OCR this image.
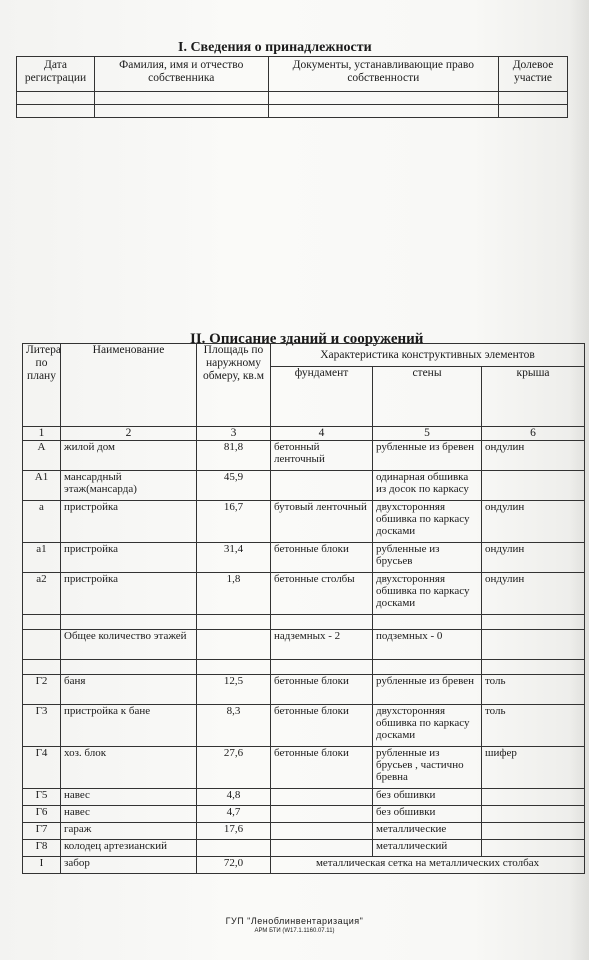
I. Сведения о принадлежности
Дата регистрации	Фамилия, имя и отчество собственника	Документы, устанавливающие право собственности	Долевое участие

II. Описание зданий и сооружений
Литера по плану	Наименование	Площадь по наружному обмеру, кв.м	Характеристика конструктивных элементов		
			фундамент	стены	крыша
1	2	3	4	5	6
А	жилой дом	81,8	бетонный ленточный	рубленные из бревен	ондулин
А1	мансардный этаж(мансарда)	45,9		одинарная обшивка из досок по каркасу	
а	пристройка	16,7	бутовый ленточный	двухсторонняя обшивка по каркасу досками	ондулин
а1	пристройка	31,4	бетонные блоки	рубленные из брусьев	ондулин
а2	пристройка	1,8	бетонные столбы	двухсторонняя обшивка по каркасу досками	ондулин

	Общее количество этажей		надземных - 2	подземных - 0	

Г2	баня	12,5	бетонные блоки	рубленные из бревен	толь
Г3	пристройка к бане	8,3	бетонные блоки	двухсторонняя обшивка по каркасу досками	толь
Г4	хоз. блок	27,6	бетонные блоки	рубленные из брусьев , частично бревна	шифер
Г5	навес	4,8		без обшивки	
Г6	навес	4,7		без обшивки	
Г7	гараж	17,6		металлические	
Г8	колодец артезианский			металлический	
I	забор	72,0	металлическая сетка на металлических столбах		
ГУП "Леноблинвентаризация"
АРМ БТИ (W17.1.1160.07.11)
